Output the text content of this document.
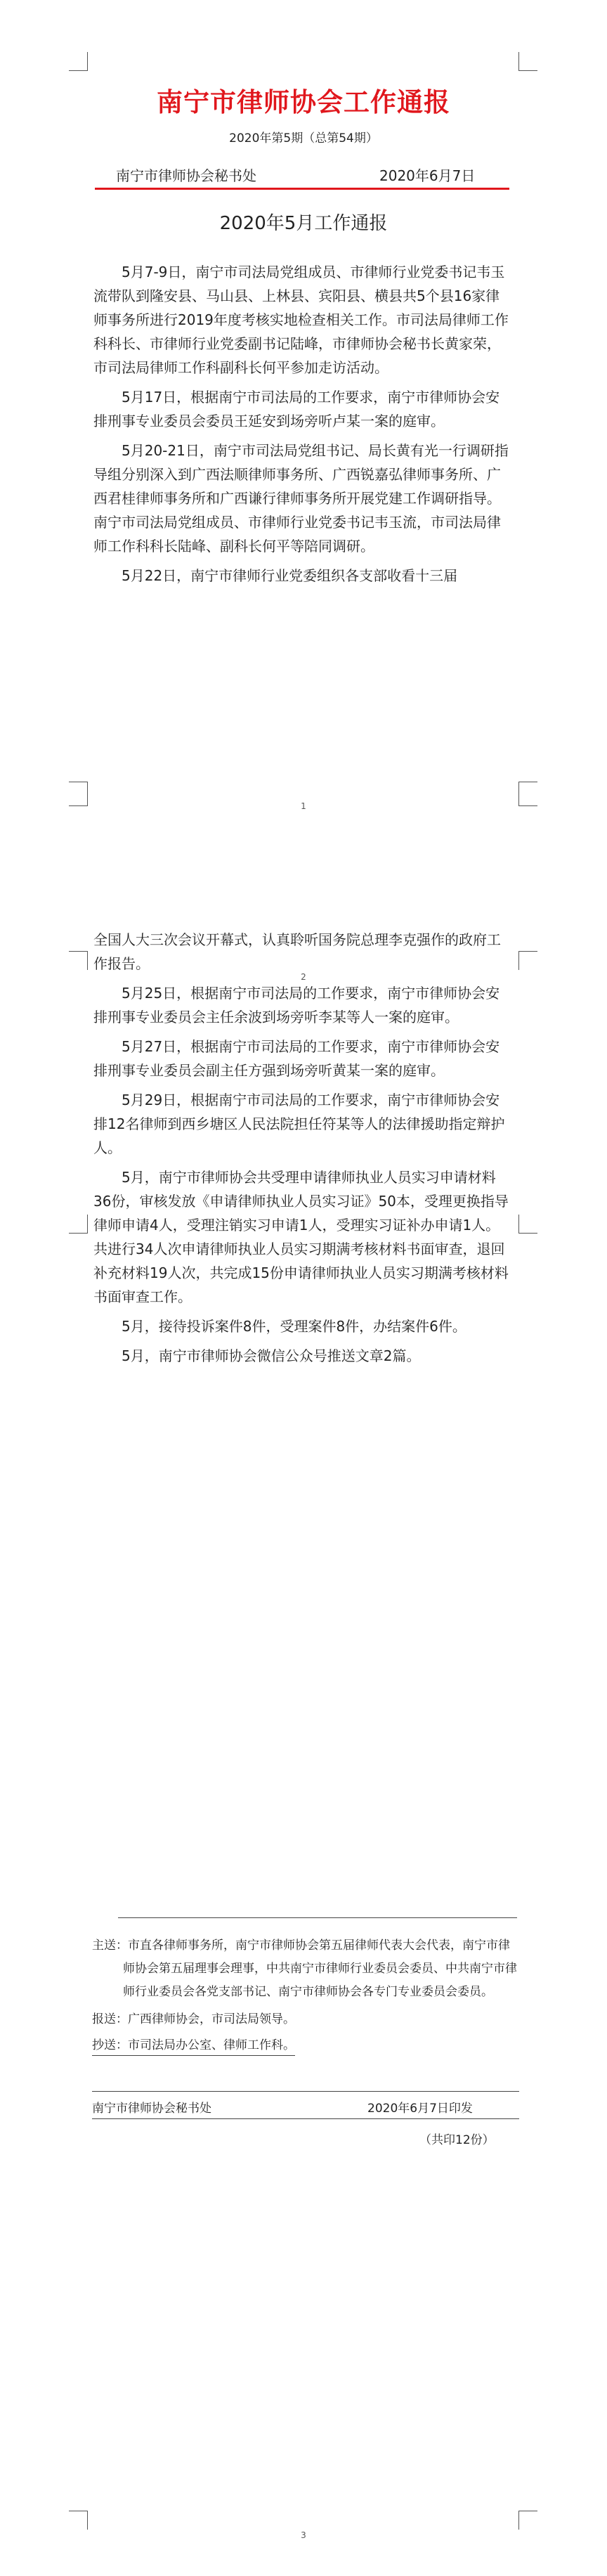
南宁市律师协会工作通报
2020年第5期（总第54期）
南宁市律师协会秘书处	2020年6月7日
2020年5月工作通报

5月7-9日，南宁市司法局党组成员、市律师行业党委书记韦玉流带队到隆安县、马山县、上林县、宾阳县、横县共5个县16家律师事务所进行2019年度考核实地检查相关工作。市司法局律师工作科科长、市律师行业党委副书记陆峰，市律师协会秘书长黄家荣，市司法局律师工作科副科长何平参加走访活动。

5月17日，根据南宁市司法局的工作要求，南宁市律师协会安排刑事专业委员会委员王延安到场旁听卢某一案的庭审。

5月20-21日，南宁市司法局党组书记、局长黄有光一行调研指导组分别深入到广西法顺律师事务所、广西锐嘉弘律师事务所、广西君桂律师事务所和广西谦行律师事务所开展党建工作调研指导。南宁市司法局党组成员、市律师行业党委书记韦玉流，市司法局律师工作科科长陆峰、副科长何平等陪同调研。

5月22日，南宁市律师行业党委组织各支部收看十三届

1

全国人大三次会议开幕式，认真聆听国务院总理李克强作的政府工作报告。

5月25日，根据南宁市司法局的工作要求，南宁市律师协会安排刑事专业委员会主任余波到场旁听李某等人一案的庭审。

5月27日，根据南宁市司法局的工作要求，南宁市律师协会安排刑事专业委员会副主任方强到场旁听黄某一案的庭审。

5月29日，根据南宁市司法局的工作要求，南宁市律师协会安排12名律师到西乡塘区人民法院担任符某等人的法律援助指定辩护人。

5月，南宁市律师协会共受理申请律师执业人员实习申请材料36份，审核发放《申请律师执业人员实习证》50本，受理更换指导律师申请4人，受理注销实习申请1人，受理实习证补办申请1人。共进行34人次申请律师执业人员实习期满考核材料书面审查，退回补充材料19人次，共完成15份申请律师执业人员实习期满考核材料书面审查工作。

5月，接待投诉案件8件，受理案件8件，办结案件6件。

5月，南宁市律师协会微信公众号推送文章2篇。

2
主送：市直各律师事务所，南宁市律师协会第五届律师代表大会代表，南宁市律师协会第五届理事会理事，中共南宁市律师行业委员会委员、中共南宁市律师行业委员会各党支部书记、南宁市律师协会各专门专业委员会委员。
报送：广西律师协会，市司法局领导。
抄送：市司法局办公室、律师工作科。
南宁市律师协会秘书处	2020年6月7日印发
（共印12份）
3
